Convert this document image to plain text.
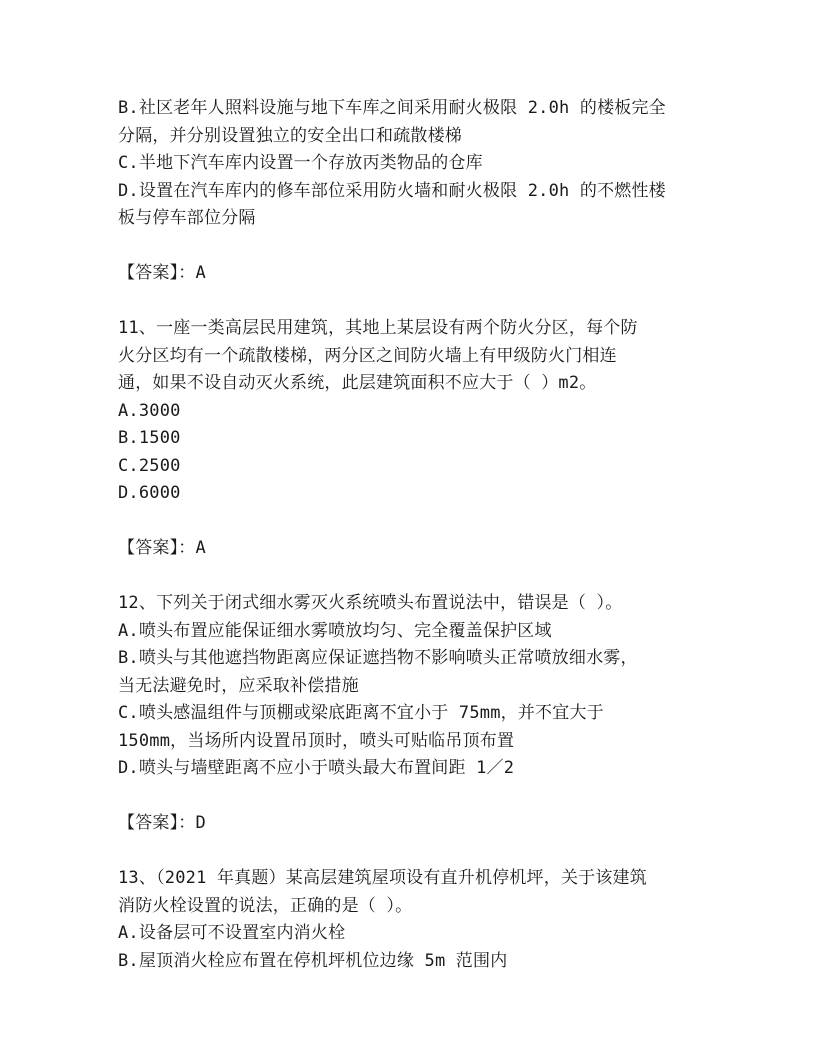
B.社区老年人照料设施与地下车库之间采用耐火极限 2.0h 的楼板完全
分隔，并分别设置独立的安全出口和疏散楼梯
C.半地下汽车库内设置一个存放丙类物品的仓库
D.设置在汽车库内的修车部位采用防火墙和耐火极限 2.0h 的不燃性楼
板与停车部位分隔
【答案】：A
11、一座一类高层民用建筑，其地上某层设有两个防火分区，每个防
火分区均有一个疏散楼梯，两分区之间防火墙上有甲级防火门相连
通，如果不设自动灭火系统，此层建筑面积不应大于（ ）m2。
A.3000
B.1500
C.2500
D.6000
【答案】：A
12、下列关于闭式细水雾灭火系统喷头布置说法中，错误是（ ）。
A.喷头布置应能保证细水雾喷放均匀、完全覆盖保护区域
B.喷头与其他遮挡物距离应保证遮挡物不影响喷头正常喷放细水雾，
当无法避免时，应采取补偿措施
C.喷头感温组件与顶棚或梁底距离不宜小于 75mm，并不宜大于
150mm，当场所内设置吊顶时，喷头可贴临吊顶布置
D.喷头与墙壁距离不应小于喷头最大布置间距 1／2
【答案】：D
13、（2021 年真题）某高层建筑屋项设有直升机停机坪，关于该建筑
消防火栓设置的说法，正确的是（ ）。
A.设备层可不设置室内消火栓
B.屋顶消火栓应布置在停机坪机位边缘 5m 范围内
